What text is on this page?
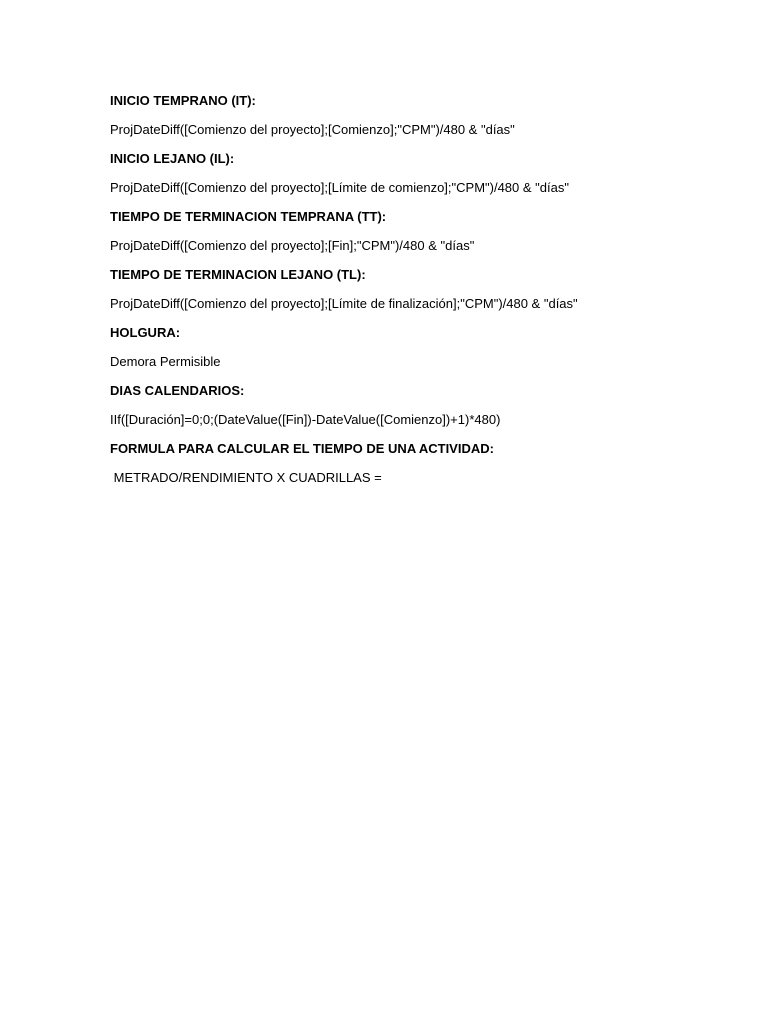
INICIO TEMPRANO (IT):
ProjDateDiff([Comienzo del proyecto];[Comienzo];"CPM")/480 & "días"
INICIO LEJANO (IL):
ProjDateDiff([Comienzo del proyecto];[Límite de comienzo];"CPM")/480 & "días"
TIEMPO DE TERMINACION TEMPRANA (TT):
ProjDateDiff([Comienzo del proyecto];[Fin];"CPM")/480 & "días"
TIEMPO DE TERMINACION LEJANO (TL):
ProjDateDiff([Comienzo del proyecto];[Límite de finalización];"CPM")/480 & "días"
HOLGURA:
Demora Permisible
DIAS CALENDARIOS:
IIf([Duración]=0;0;(DateValue([Fin])-DateValue([Comienzo])+1)*480)
FORMULA PARA CALCULAR EL TIEMPO DE UNA ACTIVIDAD:
METRADO/RENDIMIENTO X CUADRILLAS =
